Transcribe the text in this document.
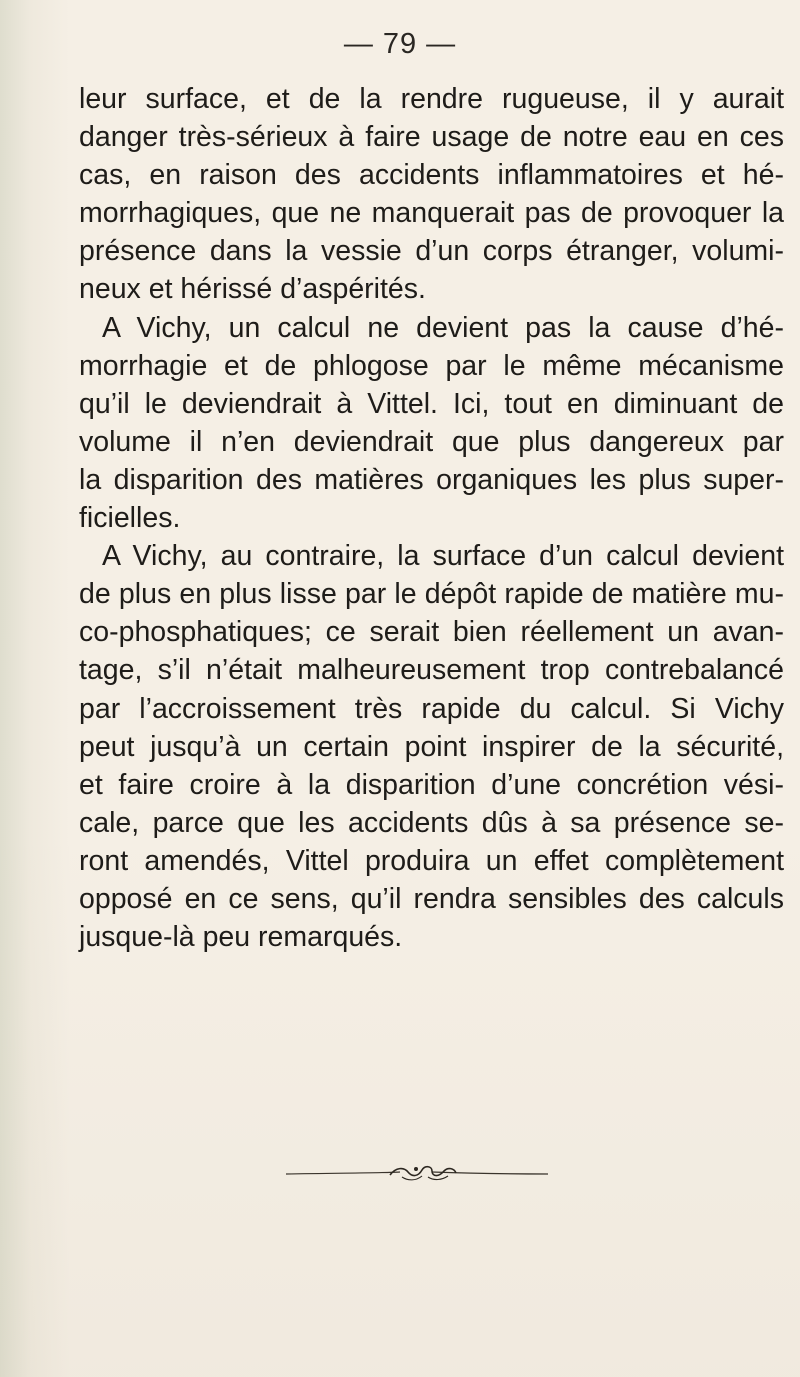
— 79 —
leur surface, et de la rendre rugueuse, il y aurait
danger très-sérieux à faire usage de notre eau en ces
cas, en raison des accidents inflammatoires et hé-
morrhagiques, que ne manquerait pas de provoquer la
présence dans la vessie d’un corps étranger, volumi-
neux et hérissé d’aspérités.
A Vichy, un calcul ne devient pas la cause d’hé-
morrhagie et de phlogose par le même mécanisme
qu’il le deviendrait à Vittel. Ici, tout en diminuant de
volume il n’en deviendrait que plus dangereux par
la disparition des matières organiques les plus super-
ficielles.
A Vichy, au contraire, la surface d’un calcul devient
de plus en plus lisse par le dépôt rapide de matière mu-
co-phosphatiques; ce serait bien réellement un avan-
tage, s’il n’était malheureusement trop contrebalancé
par l’accroissement très rapide du calcul. Si Vichy
peut jusqu’à un certain point inspirer de la sécurité,
et faire croire à la disparition d’une concrétion vési-
cale, parce que les accidents dûs à sa présence se-
ront amendés, Vittel produira un effet complètement
opposé en ce sens, qu’il rendra sensibles des calculs
jusque-là peu remarqués.
